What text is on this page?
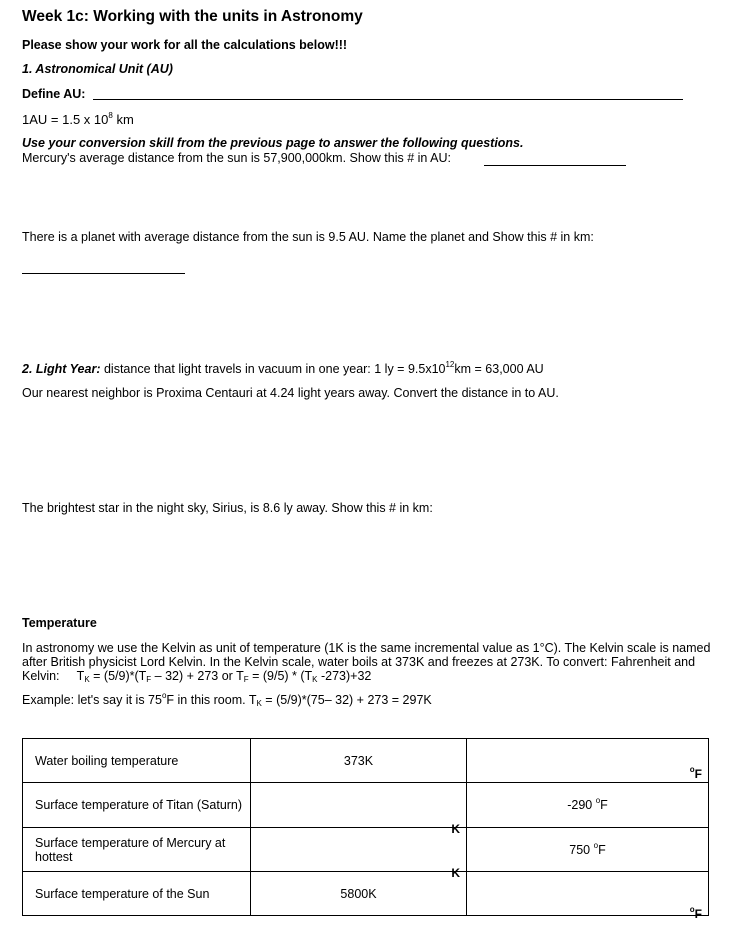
Week 1c: Working with the units in Astronomy
Please show your work for all the calculations below!!!
1. Astronomical Unit (AU)
Define AU:
1AU = 1.5 x $10^8$ km
Use your conversion skill from the previous page to answer the following questions.
Mercury's average distance from the sun is 57,900,000km. Show this # in AU:
There is a planet with average distance from the sun is 9.5 AU. Name the planet and Show this # in km:
2. Light Year: distance that light travels in vacuum in one year: 1 ly = $9.5x10^{12}km = 63,000$ AU
Our nearest neighbor is Proxima Centauri at 4.24 light years away. Convert the distance in to AU.
The brightest star in the night sky, Sirius, is 8.6 ly away. Show this # in km:
Temperature
In astronomy we use the Kelvin as unit of temperature (1K is the same incremental value as 1°C). The Kelvin scale is named after British physicist Lord Kelvin. In the Kelvin scale, water boils at 373K and freezes at 273K. To convert: Fahrenheit and Kelvin: $T_K = (5/9)*(T_F - 32) + 273$ or $T_F = (9/5) * (T_K$ -273)+32
Example: let's say it is 75$^o$F in this room. $T_K = (5/9)*(75-$ 32) + 273 = 297K
Water boiling temperature	373K	$^o$F

Surface temperature of Titan (Saturn)	K	-290 $^o$F
Surface temperature of Mercury at hottest	K	750 $^o$F
Surface temperature of the Sun	5800K	$^o$F
